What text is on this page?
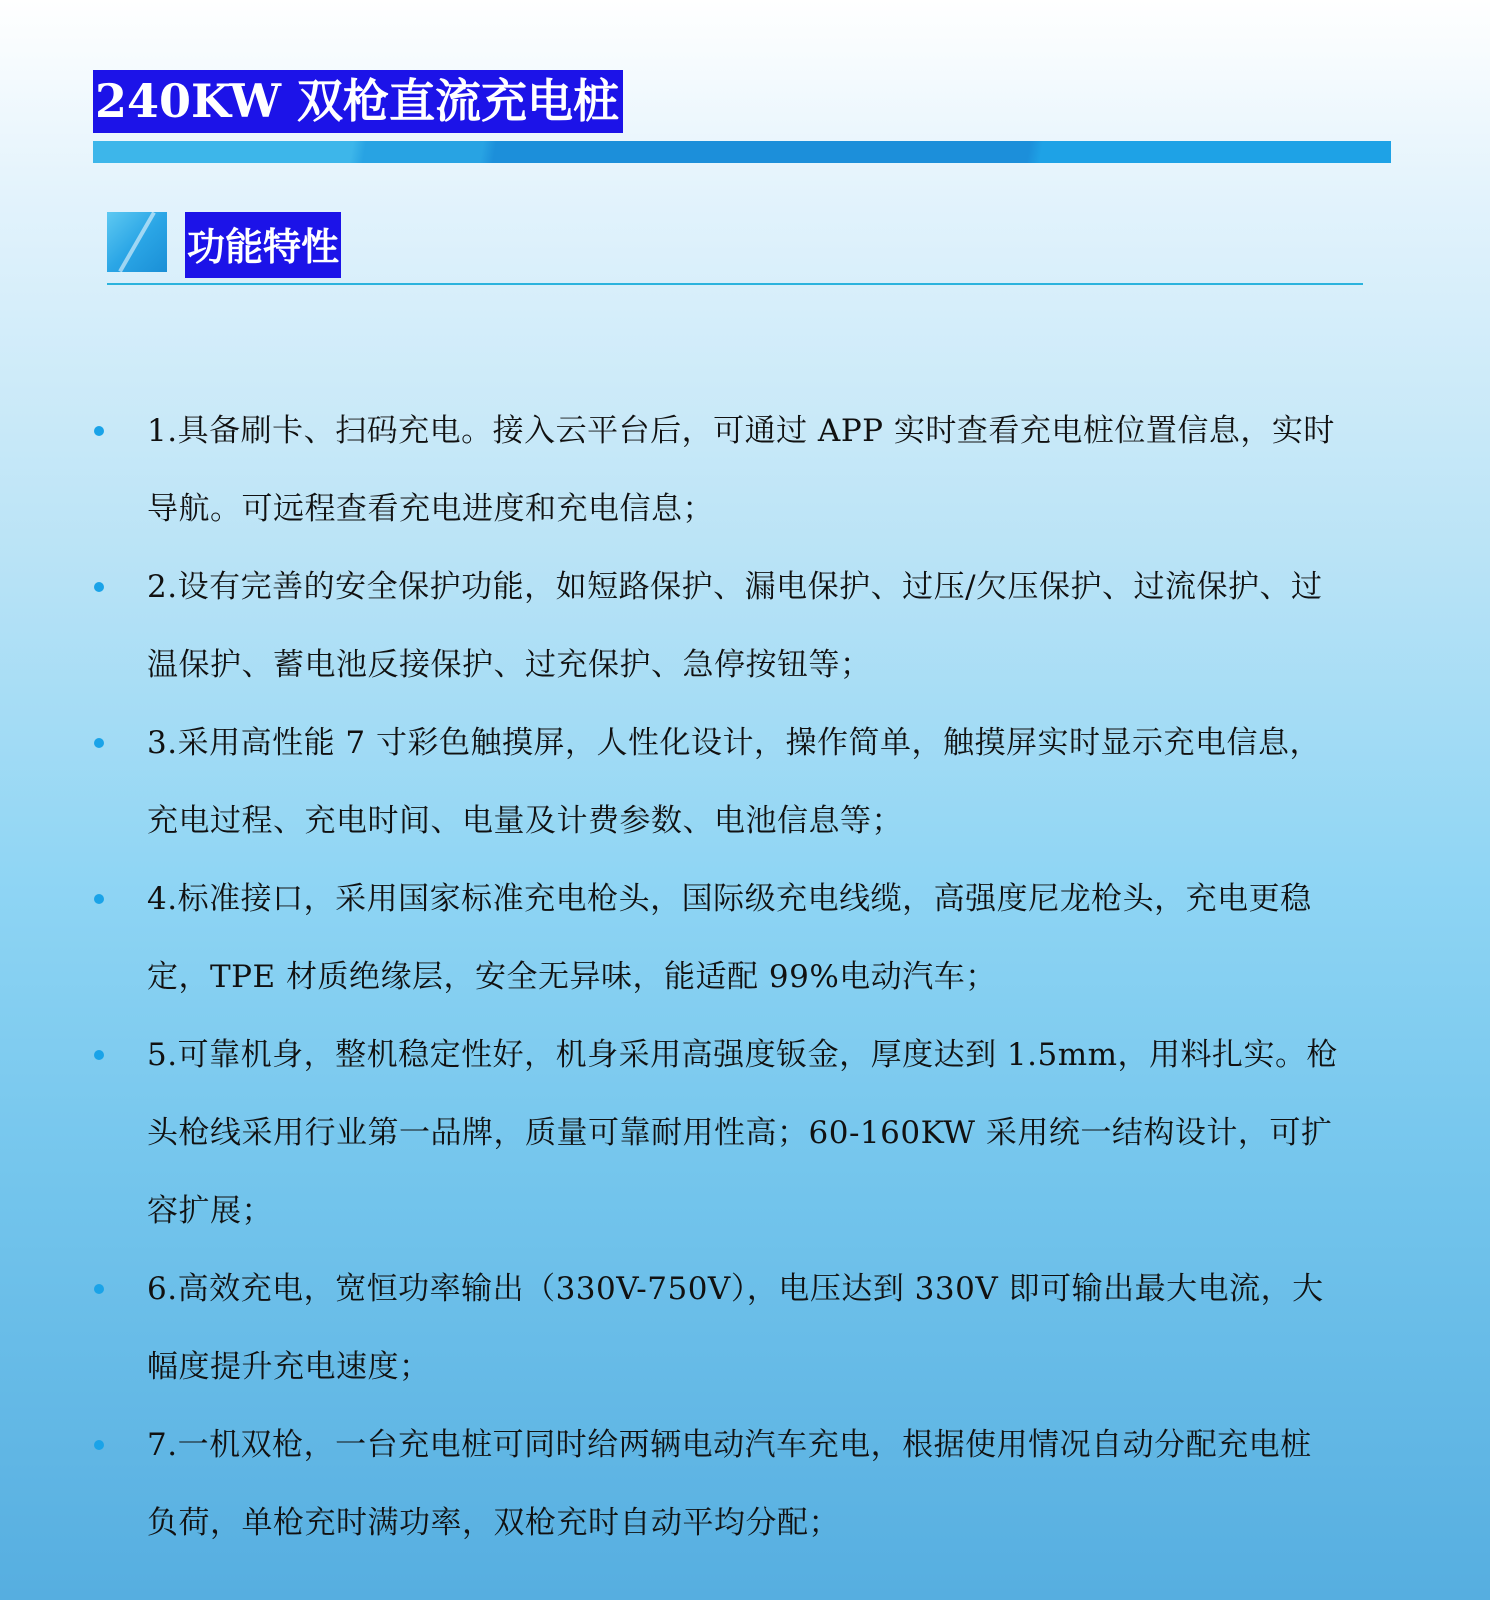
240KW 双枪直流充电桩
功能特性
1.具备刷卡、扫码充电。接入云平台后，可通过 APP 实时查看充电桩位置信息，实时导航。可远程查看充电进度和充电信息；
2.设有完善的安全保护功能，如短路保护、漏电保护、过压/欠压保护、过流保护、过温保护、蓄电池反接保护、过充保护、急停按钮等；
3.采用高性能 7 寸彩色触摸屏，人性化设计，操作简单，触摸屏实时显示充电信息，充电过程、充电时间、电量及计费参数、电池信息等；
4.标准接口，采用国家标准充电枪头，国际级充电线缆，高强度尼龙枪头，充电更稳定，TPE 材质绝缘层，安全无异味，能适配 99%电动汽车；
5.可靠机身，整机稳定性好，机身采用高强度钣金，厚度达到 1.5mm，用料扎实。枪头枪线采用行业第一品牌，质量可靠耐用性高；60-160KW 采用统一结构设计，可扩容扩展；
6.高效充电，宽恒功率输出（330V-750V），电压达到 330V 即可输出最大电流，大幅度提升充电速度；
7.一机双枪，一台充电桩可同时给两辆电动汽车充电，根据使用情况自动分配充电桩负荷，单枪充时满功率，双枪充时自动平均分配；
